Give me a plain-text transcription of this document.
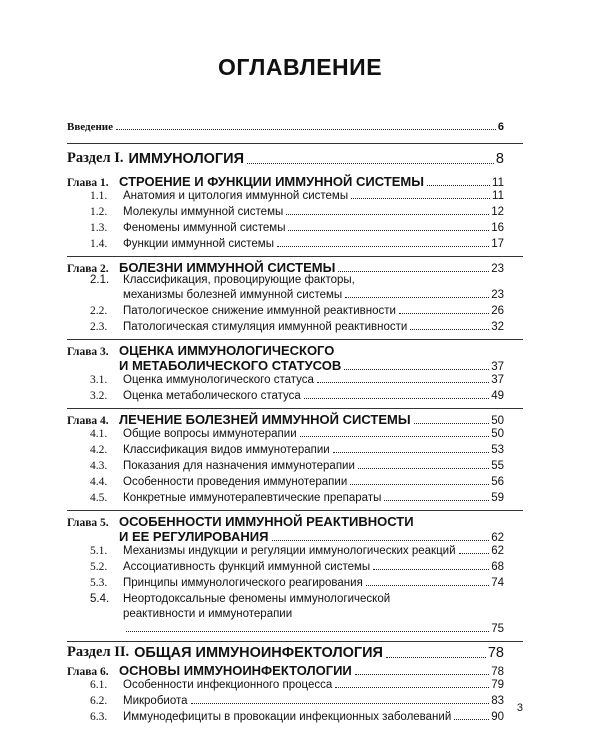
ОГЛАВЛЕНИЕ
Введение	6
Раздел I. ИММУНОЛОГИЯ	8
Глава 1. СТРОЕНИЕ И ФУНКЦИИ ИММУННОЙ СИСТЕМЫ	11
1.1.	Анатомия и цитология иммунной системы	11
1.2.	Молекулы иммунной системы	12
1.3.	Феномены иммунной системы	16
1.4.	Функции иммунной системы	17
Глава 2. БОЛЕЗНИ ИММУННОЙ СИСТЕМЫ	23
2.1. Классификация, провоцирующие факторы,
механизмы болезней иммунной системы	23
2.2.	Патологическое снижение иммунной реактивности	26
2.3.	Патологическая стимуляция иммунной реактивности	32
Глава 3. ОЦЕНКА ИММУНОЛОГИЧЕСКОГО
И МЕТАБОЛИЧЕСКОГО СТАТУСОВ	37
3.1.	Оценка иммунологического статуса	37
3.2.	Оценка метаболического статуса	49
Глава 4. ЛЕЧЕНИЕ БОЛЕЗНЕЙ ИММУННОЙ СИСТЕМЫ	50
4.1.	Общие вопросы иммунотерапии	50
4.2.	Классификация видов иммунотерапии	53
4.3.	Показания для назначения иммунотерапии	55
4.4.	Особенности проведения иммунотерапии	56
4.5.	Конкретные иммунотерапевтические препараты	59
Глава 5. ОСОБЕННОСТИ ИММУННОЙ РЕАКТИВНОСТИ
И ЕЕ РЕГУЛИРОВАНИЯ	62
5.1.	Механизмы индукции и регуляции иммунологических реакций	62
5.2.	Ассоциативность функций иммунной системы	68
5.3.	Принципы иммунологического реагирования	74
5.4. Неортодоксальные феномены иммунологической
реактивности и иммунотерапии
75
Раздел II. ОБЩАЯ ИММУНОИНФЕКТОЛОГИЯ	78
Глава 6. ОСНОВЫ ИММУНОИНФЕКТОЛОГИИ	78
6.1.	Особенности инфекционного процесса	79
6.2.	Микробиота	83
6.3.	Иммунодефициты в провокации инфекционных заболеваний	90
3
